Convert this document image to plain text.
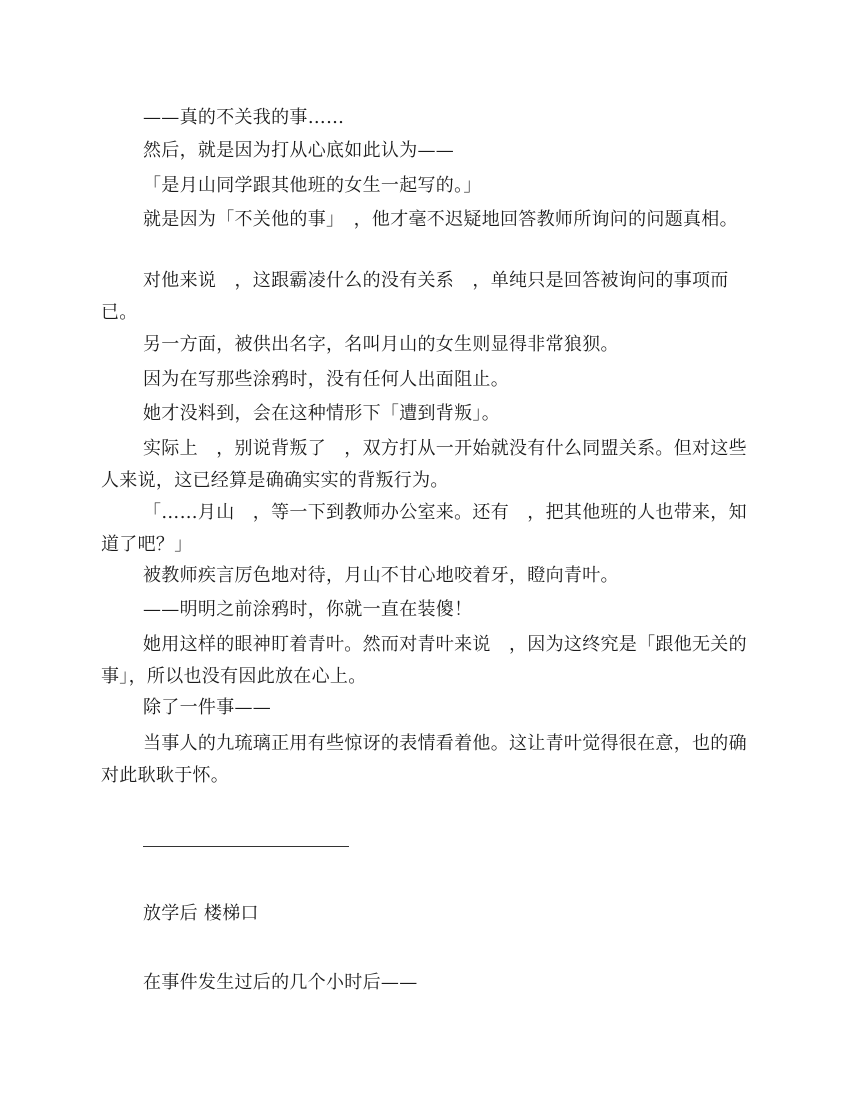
——真的不关我的事……

然后，就是因为打从心底如此认为——

「是月山同学跟其他班的女生一起写的。」

就是因为「不关他的事」　，他才毫不迟疑地回答教师所询问的问题真相。

对他来说　，这跟霸凌什么的没有关系　，单纯只是回答被询问的事项而已。

另一方面，被供出名字，名叫月山的女生则显得非常狼狈。

因为在写那些涂鸦时，没有任何人出面阻止。

她才没料到，会在这种情形下「遭到背叛」。

实际上　，别说背叛了　，双方打从一开始就没有什么同盟关系。但对这些人来说，这已经算是确确实实的背叛行为。

「……月山　，等一下到教师办公室来。还有　，把其他班的人也带来，知道了吧？」

被教师疾言厉色地对待，月山不甘心地咬着牙，瞪向青叶。

——明明之前涂鸦时，你就一直在装傻！

她用这样的眼神盯着青叶。然而对青叶来说　，因为这终究是「跟他无关的事」，所以也没有因此放在心上。

除了一件事——

当事人的九琉璃正用有些惊讶的表情看着他。这让青叶觉得很在意，也的确对此耿耿于怀。

放学后 楼梯口

在事件发生过后的几个小时后——
